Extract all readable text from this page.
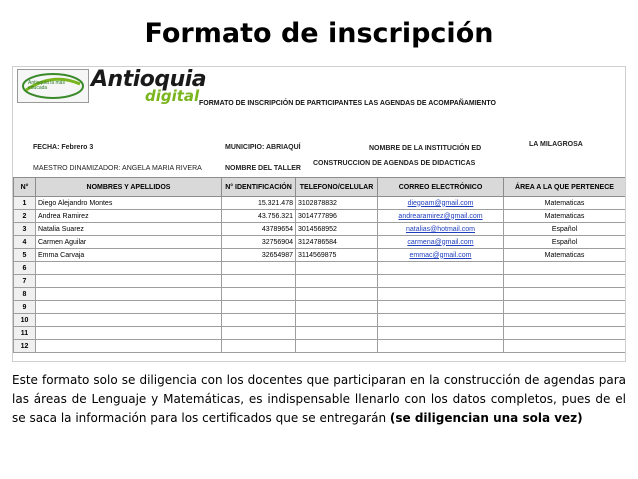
Formato de inscripción
Antioquia la más educada	Antioquia
digital FORMATO DE INSCRIPCIÓN DE PARTICIPANTES LAS AGENDAS DE ACOMPAÑAMIENTO
FECHA: Febrero 3	MUNICIPIO: ABRIAQUÍ	NOMBRE DE LA INSTITUCIÓN ED
LA MILAGROSA
MAESTRO DINAMIZADOR: ANGELA MARIA RIVERA	NOMBRE DEL TALLER
CONSTRUCCION DE AGENDAS DE DIDACTICAS
N°	NOMBRES Y APELLIDOS	N° IDENTIFICACIÓN	TELEFONO/CELULAR	CORREO ELECTRÓNICO	ÁREA A LA QUE PERTENECE
1	Diego Alejandro Montes	15.321.478	3102878832	diegoam@gmail.com	Matematicas
2	Andrea Ramirez	43.756.321	3014777896	andrearamirez@gmail.com	Matematicas
3	Natalia Suarez	43789654	3014568952	natalias@hotmail.com	Español
4	Carmen Aguilar	32756904	3124786584	carmena@gmail.com	Español
5	Emma Carvaja	32654987	3114569875	emmac@gmail.com	Matematicas
6					
7					
8					
9					
10					
11					
12					
Este formato solo se diligencia con los docentes que participaran en la construcción de agendas para las áreas de Lenguaje y Matemáticas, es indispensable llenarlo con los datos completos, pues de el se saca la información para los certificados que se entregarán (se diligencian una sola vez)
